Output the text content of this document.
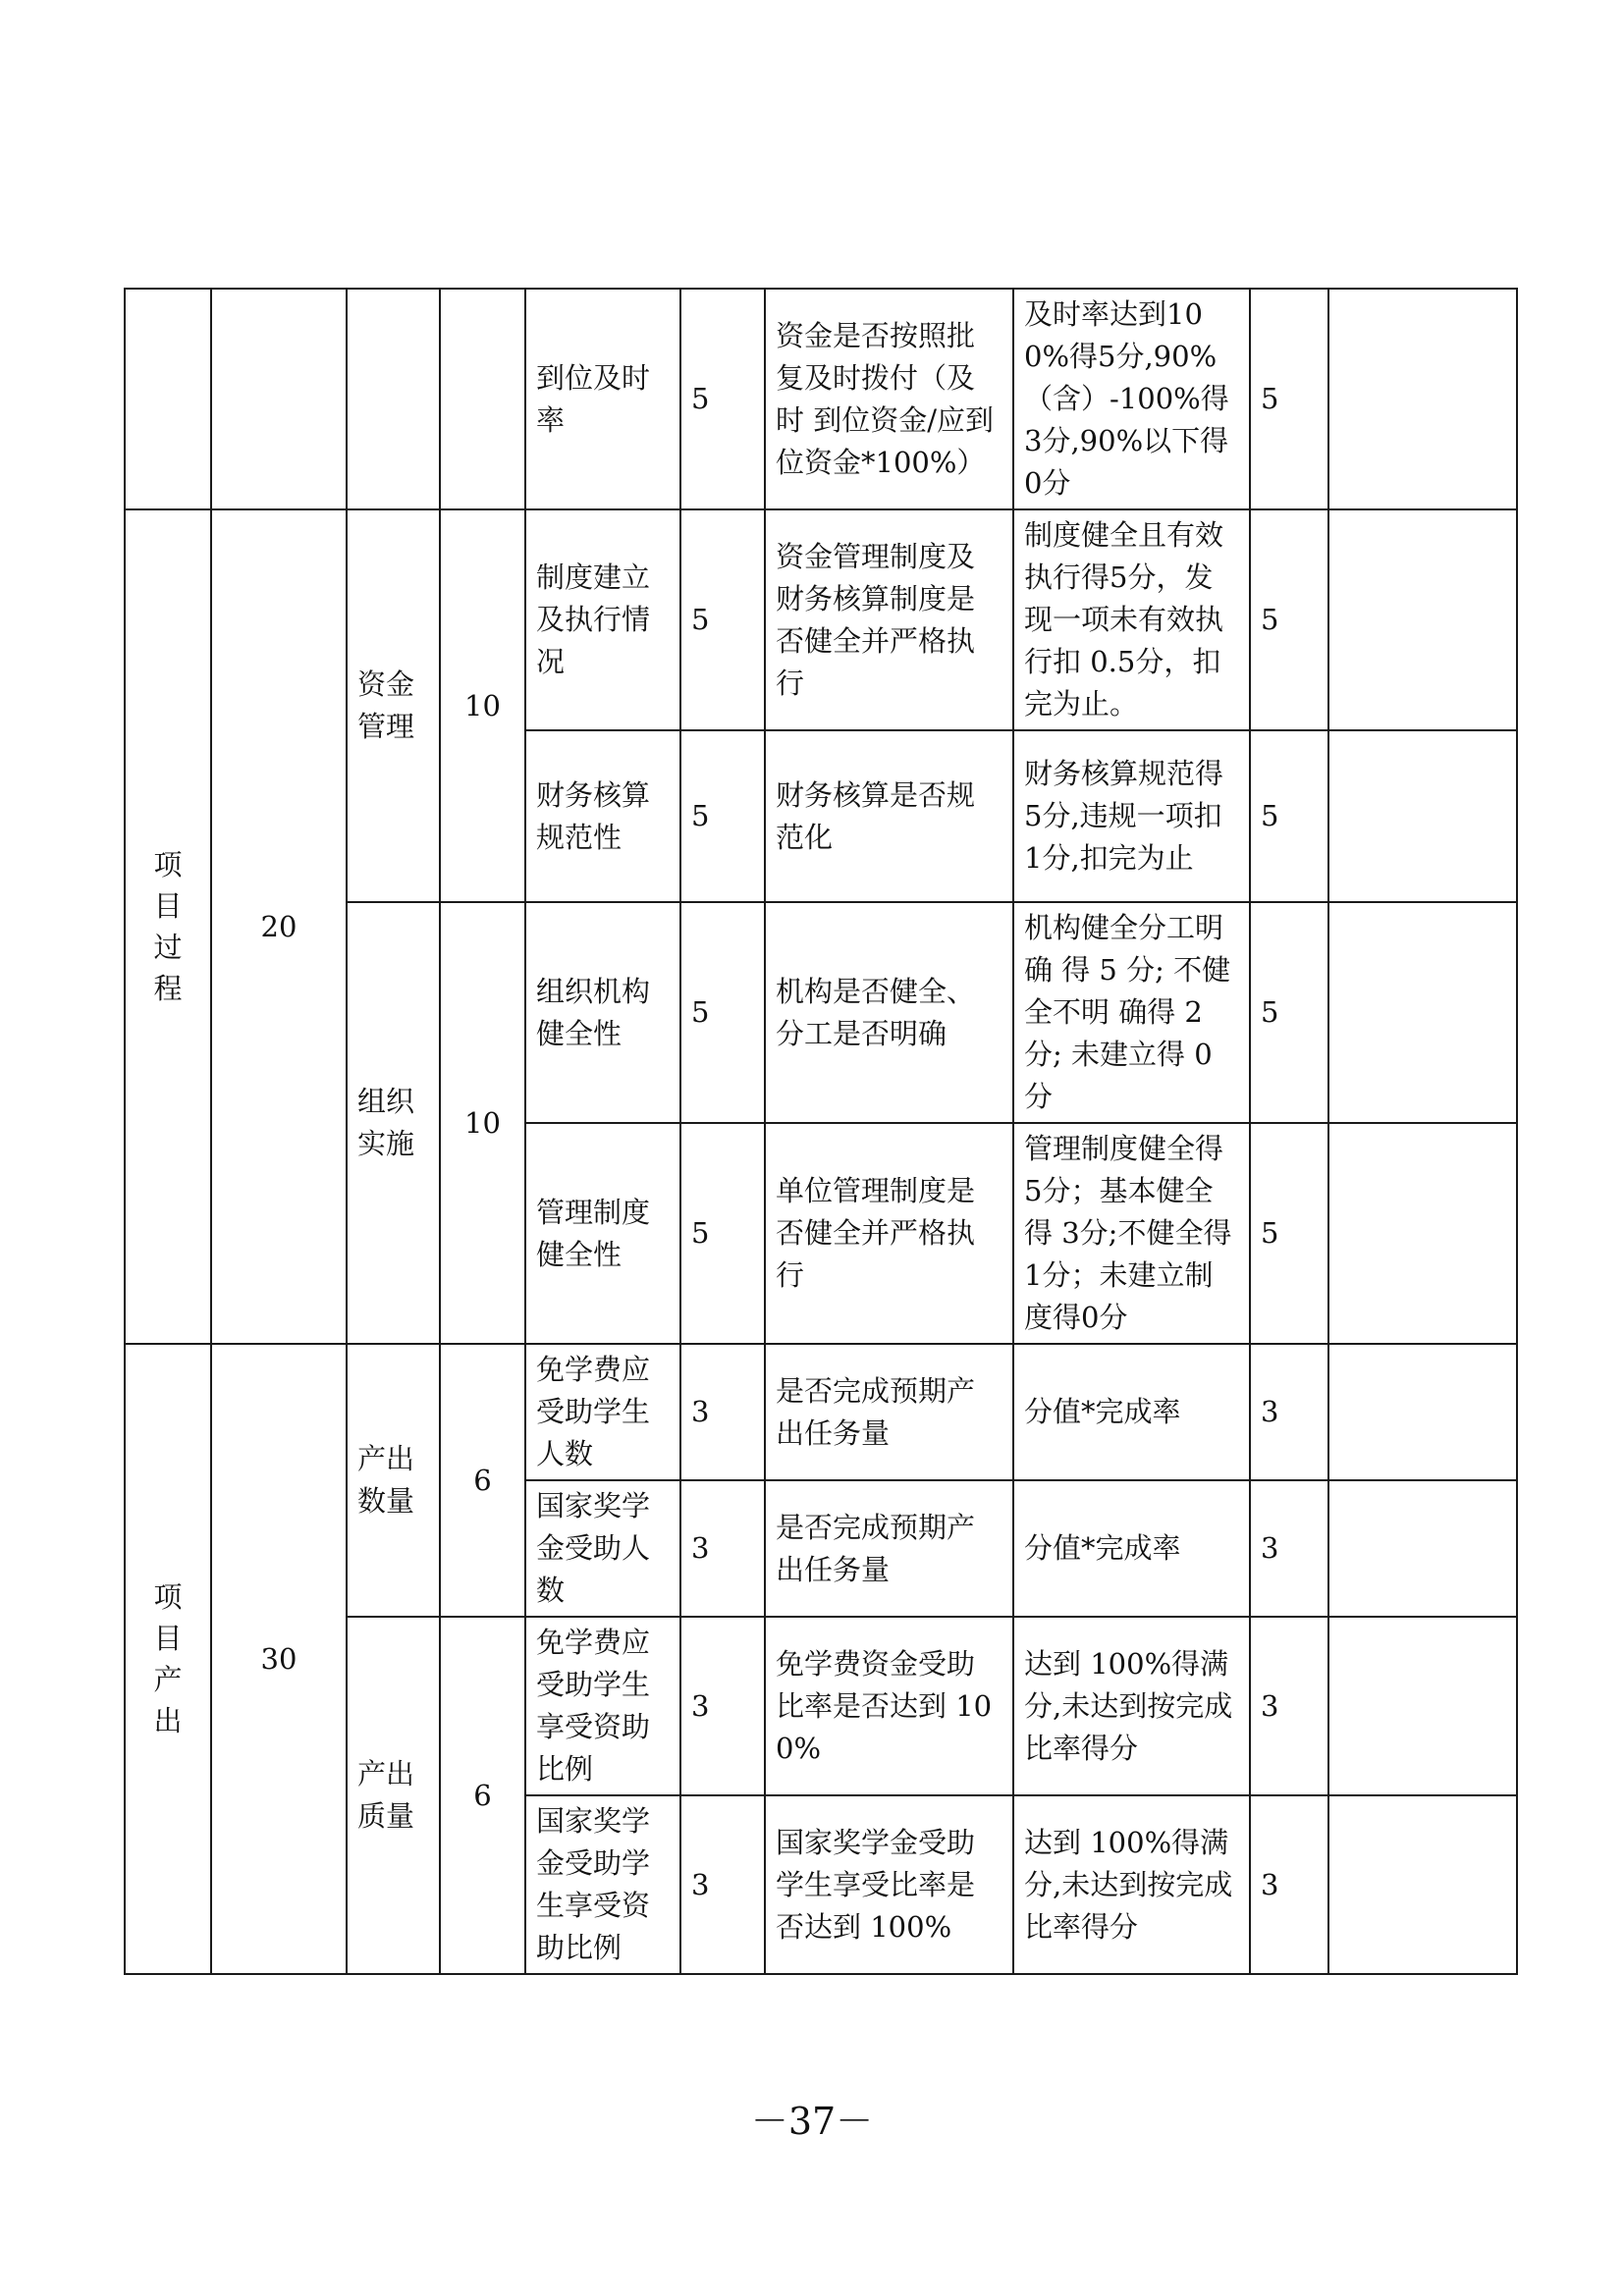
				到位及时率	5	资金是否按照批复及时拨付（及时 到位资金/应到位资金*100%）	及时率达到100%得5分,90%（含）-100%得3分,90%以下得0分	5	
项目过程	20	资金管理	10	制度建立及执行情况	5	资金管理制度及财务核算制度是否健全并严格执行	制度健全且有效执行得5分，发现一项未有效执行扣 0.5分，扣完为止。	5	
				财务核算规范性	5	财务核算是否规范化	财务核算规范得 5分,违规一项扣 1分,扣完为止	5	
		组织实施	10	组织机构健全性	5	机构是否健全、分工是否明确	机构健全分工明确 得 5 分; 不健全不明 确得 2 分; 未建立得 0 分	5	
				管理制度健全性	5	单位管理制度是否健全并严格执行	管理制度健全得5分；基本健全得 3分;不健全得1分；未建立制度得0分	5	
项目产出	30	产出数量	6	免学费应受助学生人数	3	是否完成预期产出任务量	分值*完成率	3	
				国家奖学金受助人数	3	是否完成预期产出任务量	分值*完成率	3	
		产出质量	6	免学费应受助学生享受资助比例	3	免学费资金受助比率是否达到 100%	达到 100%得满分,未达到按完成比率得分	3	
				国家奖学金受助学生享受资助比例	3	国家奖学金受助学生享受比率是否达到 100%	达到 100%得满分,未达到按完成比率得分	3	
－37－
